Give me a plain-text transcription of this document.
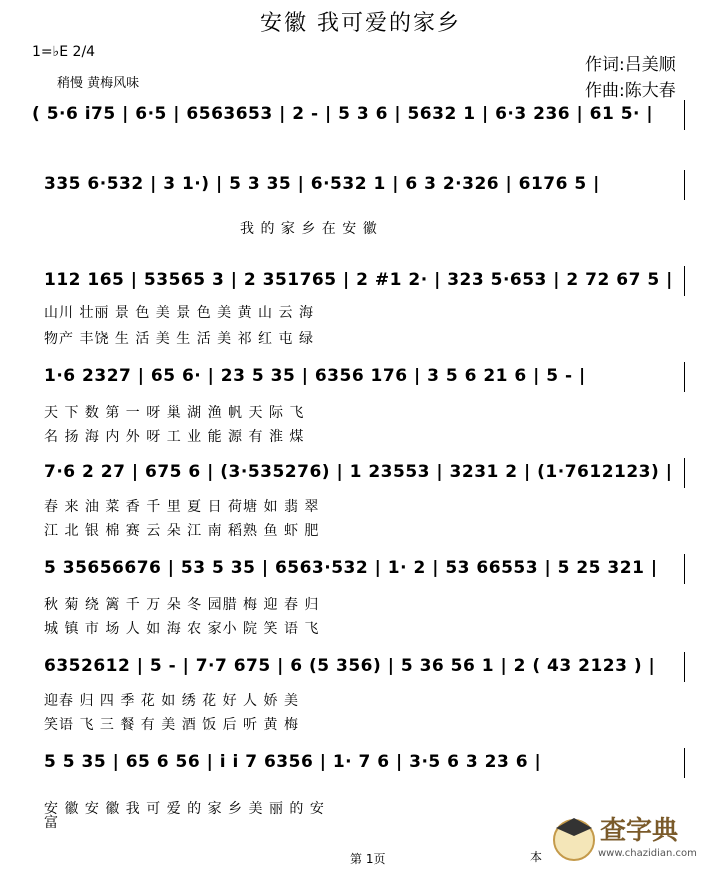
安徽 我可爱的家乡
1=♭E 2/4
稍慢 黄梅风味
作词:吕美顺
作曲:陈大春
( 5·6 i75 | 6·5 | 6563653 | 2 - | 5 3 6 | 5632 1 | 6·3 236 | 61 5· |
335 6·532 | 3 1·) | 5 3 35 | 6·532 1 | 6 3 2·326 | 6176 5 |
我 的 家 乡 在 安 徽
112 165 | 53565 3 | 2 351765 | 2 #1 2· | 323 5·653 | 2 72 67 5 |
山川 壮丽 景 色 美 景 色 美 黄 山 云 海
物产 丰饶 生 活 美 生 活 美 祁 红 屯 绿
1·6 2327 | 65 6· | 23 5 35 | 6356 176 | 3 5 6 21 6 | 5 - |
天 下 数 第 一 呀 巢 湖 渔 帆 天 际 飞
名 扬 海 内 外 呀 工 业 能 源 有 淮 煤
7·6 2 27 | 675 6 | (3·535276) | 1 23553 | 3231 2 | (1·7612123) |
春 来 油 菜 香 千 里 夏 日 荷塘 如 翡 翠
江 北 银 棉 赛 云 朵 江 南 稻熟 鱼 虾 肥
5 35656676 | 53 5 35 | 6563·532 | 1· 2 | 53 66553 | 5 25 321 |
秋 菊 绕 篱 千 万 朵 冬 园腊 梅 迎 春 归
城 镇 市 场 人 如 海 农 家小 院 笑 语 飞
6352612 | 5 - | 7·7 675 | 6 (5 356) | 5 36 56 1 | 2 ( 43 2123 ) |
迎春 归 四 季 花 如 绣 花 好 人 娇 美
笑语 飞 三 餐 有 美 酒 饭 后 听 黄 梅
5 5 35 | 65 6 56 | i i 7 6356 | 1· 7 6 | 3·5 6 3 23 6 |
安 徽 安 徽 我 可 爱 的 家 乡 美 丽 的 安
富
第 1页	本
查字典
www.chazidian.com
